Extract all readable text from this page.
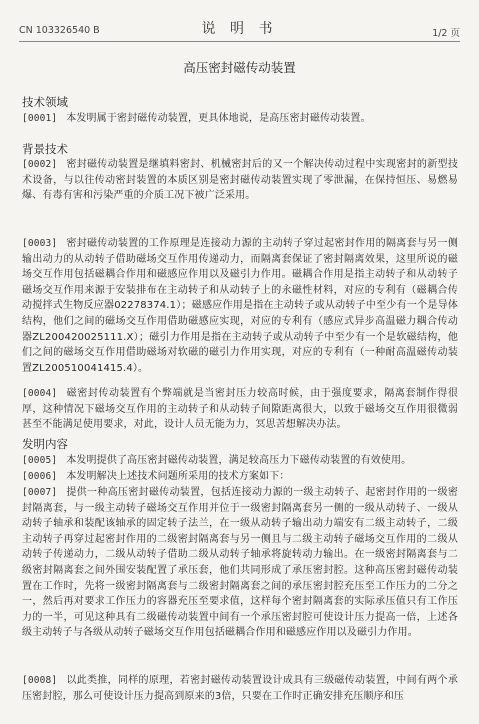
CN 103326540 B	说 明 书	1/2 页
高压密封磁传动装置
技术领域
[0001] 本发明属于密封磁传动装置，更具体地说，是高压密封磁传动装置。
背景技术
[0002] 密封磁传动装置是继填料密封、机械密封后的又一个解决传动过程中实现密封的新型技术设备，与以往传动密封装置的本质区别是密封磁传动装置实现了零泄漏，在保持恒压、易燃易爆、有毒有害和污染严重的介质工况下被广泛采用。
[0003] 密封磁传动装置的工作原理是连接动力源的主动转子穿过起密封作用的隔离套与另一侧输出动力的从动转子借助磁场交互作用传递动力，而隔离套保证了密封隔离效果，这里所说的磁场交互作用包括磁耦合作用和磁感应作用以及磁引力作用。磁耦合作用是指主动转子和从动转子磁场交互作用来源于安装排布在主动转子和从动转子上的永磁性材料，对应的专利有（磁耦合传动搅拌式生物反应器02278374.1）；磁感应作用是指在主动转子或从动转子中至少有一个是导体结构，他们之间的磁场交互作用借助磁感应实现，对应的专利有（感应式异步高温磁力耦合传动器ZL200420025111.X）；磁引力作用是指在主动转子或从动转子中至少有一个是软磁结构，他们之间的磁场交互作用借助磁场对软磁的磁引力作用实现，对应的专利有（一种耐高温磁传动装置ZL200510041415.4）。
[0004] 磁密封传动装置有个弊端就是当密封压力较高时候，由于强度要求，隔离套制作得很厚，这种情况下磁场交互作用的主动转子和从动转子间隙距离很大，以致于磁场交互作用很微弱甚至不能满足使用要求，对此，设计人员无能为力，冥思苦想解决办法。
发明内容
[0005] 本发明提供了高压密封磁传动装置，满足较高压力下磁传动装置的有效使用。
[0006] 本发明解决上述技术问题所采用的技术方案如下：
[0007] 提供一种高压密封磁传动装置，包括连接动力源的一级主动转子、起密封作用的一级密封隔离套，与一级主动转子磁场交互作用并位于一级密封隔离套另一侧的一级从动转子、一级从动转子轴承和装配该轴承的固定转子法兰，在一级从动转子输出动力端安有二级主动转子，二级主动转子再穿过起密封作用的二级密封隔离套与另一侧且与二级主动转子磁场交互作用的二级从动转子传递动力，二级从动转子借助二级从动转子轴承将旋转动力输出。在一级密封隔离套与二级密封隔离套之间外围安装配置了承压套，他们共同形成了承压密封腔。这种高压密封磁传动装置在工作时，先将一级密封隔离套与二级密封隔离套之间的承压密封腔充压至工作压力的二分之一，然后再对要求工作压力的容器充压至要求值，这样每个密封隔离套的实际承压值只有工作压力的一半，可见这种具有二级磁传动装置中间有一个承压密封腔可使设计压力提高一倍，上述各级主动转子与各级从动转子磁场交互作用包括磁耦合作用和磁感应作用以及磁引力作用。
[0008] 以此类推，同样的原理，若密封磁传动装置设计成具有三级磁传动装置，中间有两个承压密封腔，那么可使设计压力提高到原来的3倍，只要在工作时正确安排充压顺序和压
